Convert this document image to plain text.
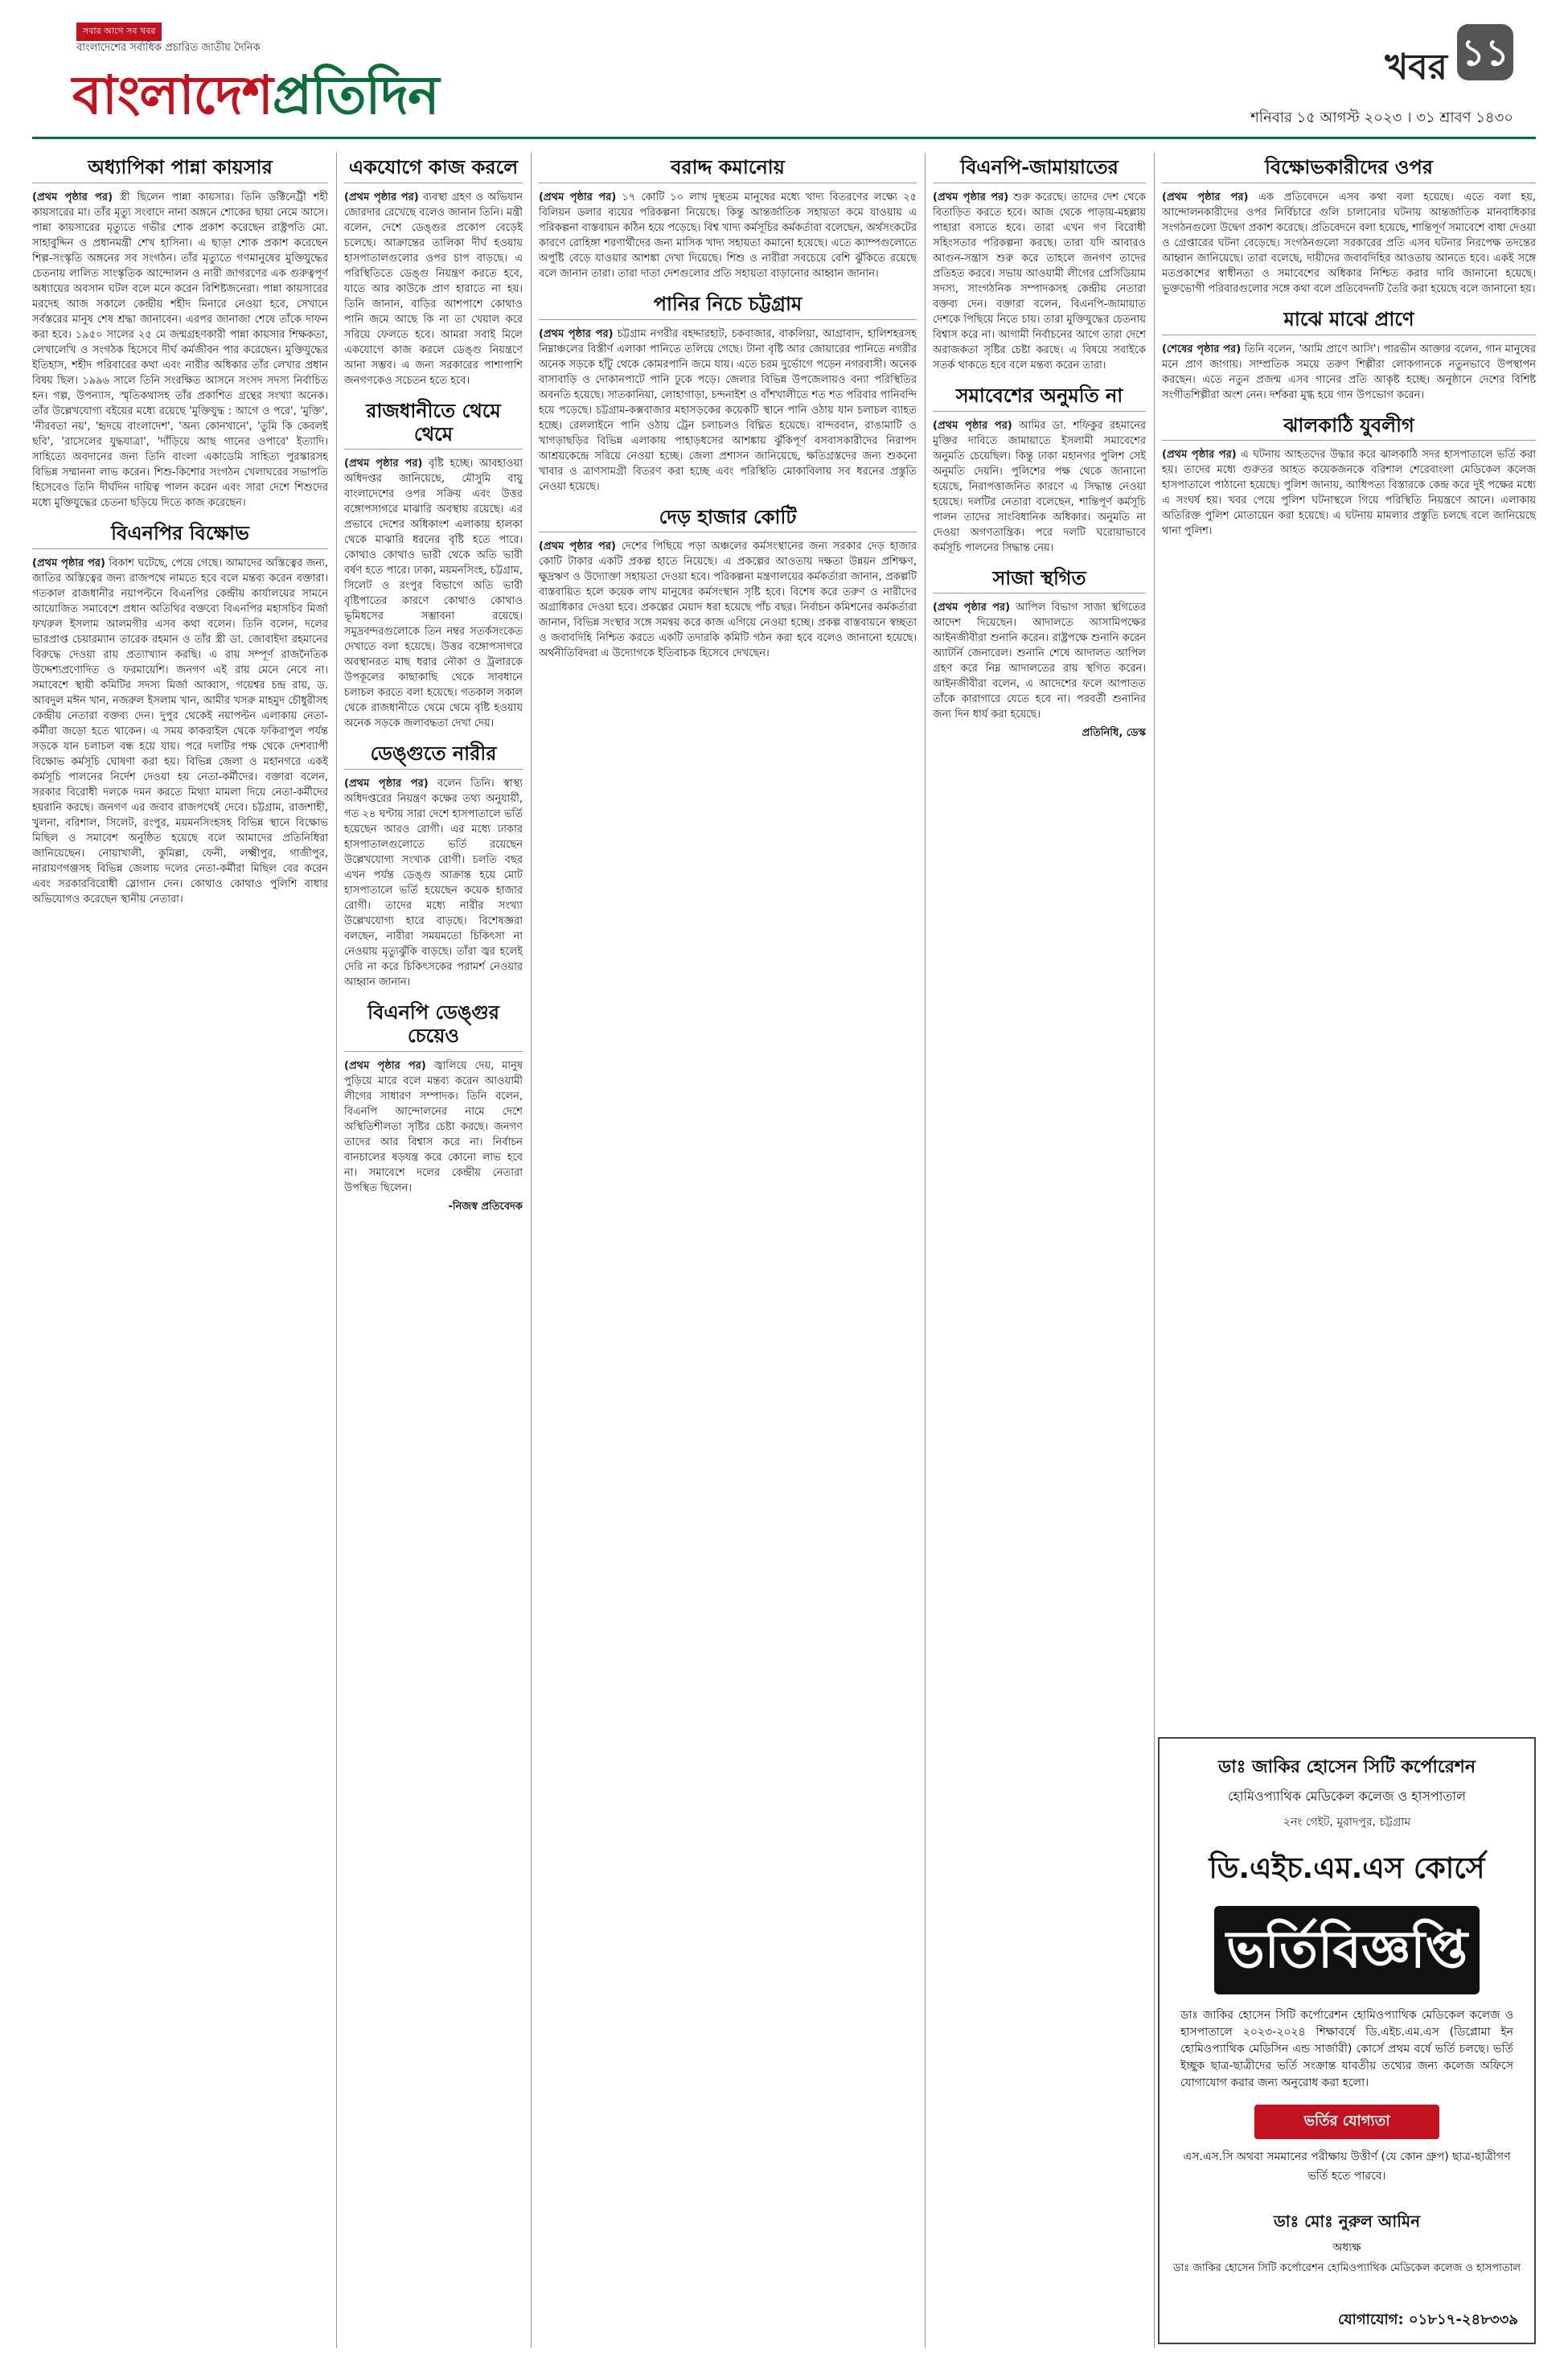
সবার আগে সব খবর
বাংলাদেশের সর্বাধিক প্রচারিত জাতীয় দৈনিক
বাংলাদেশপ্রতিদিন	খবর ১১
শনিবার ১৫ আগস্ট ২০২৩ । ৩১ শ্রাবণ ১৪৩০
অধ্যাপিকা পান্না কায়সার

(প্রথম পৃষ্ঠার পর) স্ত্রী ছিলেন পান্না কায়সার। তিনি ডক্টিনেট্রী শহী কায়সারের মা। তাঁর মৃত্যু সংবাদে নানা অঙ্গনে শোকের ছায়া নেমে আসে। পান্না কায়সারের মৃত্যুতে গভীর শোক প্রকাশ করেছেন রাষ্ট্রপতি মো. সাহাবুদ্দিন ও প্রধানমন্ত্রী শেখ হাসিনা। এ ছাড়া শোক প্রকাশ করেছেন শিল্প-সংস্কৃতি অঙ্গনের সব সংগঠন। তাঁর মৃত্যুতে গণমানুষের মুক্তিযুদ্ধের চেতনায় লালিত সাংস্কৃতিক আন্দোলন ও নারী জাগরণের এক গুরুত্বপূর্ণ অধ্যায়ের অবসান ঘটল বলে মনে করেন বিশিষ্টজনেরা। পান্না কায়সারের মরদেহ আজ সকালে কেন্দ্রীয় শহীদ মিনারে নেওয়া হবে, সেখানে সর্বস্তরের মানুষ শেষ শ্রদ্ধা জানাবেন। এরপর জানাজা শেষে তাঁকে দাফন করা হবে। ১৯৫০ সালের ২৫ মে জন্মগ্রহণকারী পান্না কায়সার শিক্ষকতা, লেখালেখি ও সংগঠক হিসেবে দীর্ঘ কর্মজীবন পার করেছেন। মুক্তিযুদ্ধের ইতিহাস, শহীদ পরিবারের কথা এবং নারীর অধিকার তাঁর লেখার প্রধান বিষয় ছিল। ১৯৯৬ সালে তিনি সংরক্ষিত আসনে সংসদ সদস্য নির্বাচিত হন। গল্প, উপন্যাস, স্মৃতিকথাসহ তাঁর প্রকাশিত গ্রন্থের সংখ্যা অনেক। তাঁর উল্লেখযোগ্য বইয়ের মধ্যে রয়েছে 'মুক্তিযুদ্ধ : আগে ও পরে', 'মুক্তি', 'নীরবতা নয়', 'হৃদয়ে বাংলাদেশ', 'অন্য কোনখানে', 'তুমি কি কেবলই ছবি', 'রাসেলের যুদ্ধযাত্রা', 'দাঁড়িয়ে আছ গানের ওপারে' ইত্যাদি। সাহিত্যে অবদানের জন্য তিনি বাংলা একাডেমি সাহিত্য পুরস্কারসহ বিভিন্ন সম্মাননা লাভ করেন। শিশু-কিশোর সংগঠন খেলাঘরের সভাপতি হিসেবেও তিনি দীর্ঘদিন দায়িত্ব পালন করেন এবং সারা দেশে শিশুদের মধ্যে মুক্তিযুদ্ধের চেতনা ছড়িয়ে দিতে কাজ করেছেন।

বিএনপির বিক্ষোভ

(প্রথম পৃষ্ঠার পর) বিকাশ ঘটেছে, পেয়ে গেছে। আমাদের অস্তিত্বের জন্য, জাতির অস্তিত্বের জন্য রাজপথে নামতে হবে বলে মন্তব্য করেন বক্তারা। গতকাল রাজধানীর নয়াপল্টনে বিএনপির কেন্দ্রীয় কার্যালয়ের সামনে আয়োজিত সমাবেশে প্রধান অতিথির বক্তব্যে বিএনপির মহাসচিব মির্জা ফখরুল ইসলাম আলমগীর এসব কথা বলেন। তিনি বলেন, দলের ভারপ্রাপ্ত চেয়ারম্যান তারেক রহমান ও তাঁর স্ত্রী ডা. জোবাইদা রহমানের বিরুদ্ধে দেওয়া রায় প্রত্যাখ্যান করছি। এ রায় সম্পূর্ণ রাজনৈতিক উদ্দেশ্যপ্রণোদিত ও ফরমায়েশি। জনগণ এই রায় মেনে নেবে না। সমাবেশে স্থায়ী কমিটির সদস্য মির্জা আব্বাস, গয়েশ্বর চন্দ্র রায়, ড. আবদুল মঈন খান, নজরুল ইসলাম খান, আমীর খসরু মাহমুদ চৌধুরীসহ কেন্দ্রীয় নেতারা বক্তব্য দেন। দুপুর থেকেই নয়াপল্টন এলাকায় নেতা-কর্মীরা জড়ো হতে থাকেন। এ সময় কাকরাইল থেকে ফকিরাপুল পর্যন্ত সড়কে যান চলাচল বন্ধ হয়ে যায়। পরে দলটির পক্ষ থেকে দেশব্যাপী বিক্ষোভ কর্মসূচি ঘোষণা করা হয়। বিভিন্ন জেলা ও মহানগরে একই কর্মসূচি পালনের নির্দেশ দেওয়া হয় নেতা-কর্মীদের। বক্তারা বলেন, সরকার বিরোধী দলকে দমন করতে মিথ্যা মামলা দিয়ে নেতা-কর্মীদের হয়রানি করছে। জনগণ এর জবাব রাজপথেই দেবে। চট্টগ্রাম, রাজশাহী, খুলনা, বরিশাল, সিলেট, রংপুর, ময়মনসিংহসহ বিভিন্ন স্থানে বিক্ষোভ মিছিল ও সমাবেশ অনুষ্ঠিত হয়েছে বলে আমাদের প্রতিনিধিরা জানিয়েছেন। নোয়াখালী, কুমিল্লা, ফেনী, লক্ষ্মীপুর, গাজীপুর, নারায়ণগঞ্জসহ বিভিন্ন জেলায় দলের নেতা-কর্মীরা মিছিল বের করেন এবং সরকারবিরোধী স্লোগান দেন। কোথাও কোথাও পুলিশি বাধার অভিযোগও করেছেন স্থানীয় নেতারা।

একযোগে কাজ করলে

(প্রথম পৃষ্ঠার পর) ব্যবস্থা গ্রহণ ও অভিযান জোরদার রেখেছে বলেও জানান তিনি। মন্ত্রী বলেন, দেশে ডেঙ্গুর প্রকোপ বেড়েই চলেছে। আক্রান্তের তালিকা দীর্ঘ হওয়ায় হাসপাতালগুলোর ওপর চাপ বাড়ছে। এ পরিস্থিতিতে ডেঙ্গু নিয়ন্ত্রণ করতে হবে, যাতে আর কাউকে প্রাণ হারাতে না হয়। তিনি জানান, বাড়ির আশপাশে কোথাও পানি জমে আছে কি না তা খেয়াল করে সরিয়ে ফেলতে হবে। আমরা সবাই মিলে একযোগে কাজ করলে ডেঙ্গু নিয়ন্ত্রণে আনা সম্ভব। এ জন্য সরকারের পাশাপাশি জনগণকেও সচেতন হতে হবে।

রাজধানীতে থেমে থেমে

(প্রথম পৃষ্ঠার পর) বৃষ্টি হচ্ছে। আবহাওয়া অধিদপ্তর জানিয়েছে, মৌসুমি বায়ু বাংলাদেশের ওপর সক্রিয় এবং উত্তর বঙ্গোপসাগরে মাঝারি অবস্থায় রয়েছে। এর প্রভাবে দেশের অধিকাংশ এলাকায় হালকা থেকে মাঝারি ধরনের বৃষ্টি হতে পারে। কোথাও কোথাও ভারী থেকে অতি ভারী বর্ষণ হতে পারে। ঢাকা, ময়মনসিংহ, চট্টগ্রাম, সিলেট ও রংপুর বিভাগে অতি ভারী বৃষ্টিপাতের কারণে কোথাও কোথাও ভূমিধসের সম্ভাবনা রয়েছে। সমুদ্রবন্দরগুলোকে তিন নম্বর সতর্কসংকেত দেখাতে বলা হয়েছে। উত্তর বঙ্গোপসাগরে অবস্থানরত মাছ ধরার নৌকা ও ট্রলারকে উপকূলের কাছাকাছি থেকে সাবধানে চলাচল করতে বলা হয়েছে। গতকাল সকাল থেকে রাজধানীতে থেমে থেমে বৃষ্টি হওয়ায় অনেক সড়কে জলাবদ্ধতা দেখা দেয়।

ডেঙ্গুতে নারীর

(প্রথম পৃষ্ঠার পর) বলেন তিনি। স্বাস্থ্য অধিদপ্তরের নিয়ন্ত্রণ কক্ষের তথ্য অনুযায়ী, গত ২৪ ঘণ্টায় সারা দেশে হাসপাতালে ভর্তি হয়েছেন আরও রোগী। এর মধ্যে ঢাকার হাসপাতালগুলোতে ভর্তি রয়েছেন উল্লেখযোগ্য সংখ্যক রোগী। চলতি বছর এখন পর্যন্ত ডেঙ্গু আক্রান্ত হয়ে মোট হাসপাতালে ভর্তি হয়েছেন কয়েক হাজার রোগী। তাদের মধ্যে নারীর সংখ্যা উল্লেখযোগ্য হারে বাড়ছে। বিশেষজ্ঞরা বলছেন, নারীরা সময়মতো চিকিৎসা না নেওয়ায় মৃত্যুঝুঁকি বাড়ছে। তাঁরা জ্বর হলেই দেরি না করে চিকিৎসকের পরামর্শ নেওয়ার আহ্বান জানান।

বিএনপি ডেঙ্গুর চেয়েও

(প্রথম পৃষ্ঠার পর) জ্বালিয়ে দেয়, মানুষ পুড়িয়ে মারে বলে মন্তব্য করেন আওয়ামী লীগের সাধারণ সম্পাদক। তিনি বলেন, বিএনপি আন্দোলনের নামে দেশে অস্থিতিশীলতা সৃষ্টির চেষ্টা করছে। জনগণ তাদের আর বিশ্বাস করে না। নির্বাচন বানচালের ষড়যন্ত্র করে কোনো লাভ হবে না। সমাবেশে দলের কেন্দ্রীয় নেতারা উপস্থিত ছিলেন।

-নিজস্ব প্রতিবেদক

বরাদ্দ কমানোয়

(প্রথম পৃষ্ঠার পর) ১৭ কোটি ১০ লাখ দুস্থতম মানুষের মধ্যে খাদ্য বিতরণের লক্ষ্যে ২৫ বিলিয়ন ডলার ব্যয়ের পরিকল্পনা নিয়েছে। কিন্তু আন্তর্জাতিক সহায়তা কমে যাওয়ায় এ পরিকল্পনা বাস্তবায়ন কঠিন হয়ে পড়েছে। বিশ্ব খাদ্য কর্মসূচির কর্মকর্তারা বলেছেন, অর্থসংকটের কারণে রোহিঙ্গা শরণার্থীদের জন্য মাসিক খাদ্য সহায়তা কমানো হয়েছে। এতে ক্যাম্পগুলোতে অপুষ্টি বেড়ে যাওয়ার আশঙ্কা দেখা দিয়েছে। শিশু ও নারীরা সবচেয়ে বেশি ঝুঁকিতে রয়েছে বলে জানান তারা। তারা দাতা দেশগুলোর প্রতি সহায়তা বাড়ানোর আহ্বান জানান।

পানির নিচে চট্টগ্রাম

(প্রথম পৃষ্ঠার পর) চট্টগ্রাম নগরীর বহদ্দারহাট, চকবাজার, বাকলিয়া, আগ্রাবাদ, হালিশহরসহ নিম্নাঞ্চলের বিস্তীর্ণ এলাকা পানিতে তলিয়ে গেছে। টানা বৃষ্টি আর জোয়ারের পানিতে নগরীর অনেক সড়কে হাঁটু থেকে কোমরপানি জমে যায়। এতে চরম দুর্ভোগে পড়েন নগরবাসী। অনেক বাসাবাড়ি ও দোকানপাটে পানি ঢুকে পড়ে। জেলার বিভিন্ন উপজেলায়ও বন্যা পরিস্থিতির অবনতি হয়েছে। সাতকানিয়া, লোহাগাড়া, চন্দনাইশ ও বাঁশখালীতে শত শত পরিবার পানিবন্দি হয়ে পড়েছে। চট্টগ্রাম-কক্সবাজার মহাসড়কের কয়েকটি স্থানে পানি ওঠায় যান চলাচল ব্যাহত হচ্ছে। রেললাইনে পানি ওঠায় ট্রেন চলাচলও বিঘ্নিত হয়েছে। বান্দরবান, রাঙামাটি ও খাগড়াছড়ির বিভিন্ন এলাকায় পাহাড়ধসের আশঙ্কায় ঝুঁকিপূর্ণ বসবাসকারীদের নিরাপদ আশ্রয়কেন্দ্রে সরিয়ে নেওয়া হচ্ছে। জেলা প্রশাসন জানিয়েছে, ক্ষতিগ্রস্তদের জন্য শুকনো খাবার ও ত্রাণসামগ্রী বিতরণ করা হচ্ছে এবং পরিস্থিতি মোকাবিলায় সব ধরনের প্রস্তুতি নেওয়া হয়েছে।

দেড় হাজার কোটি

(প্রথম পৃষ্ঠার পর) দেশের পিছিয়ে পড়া অঞ্চলের কর্মসংস্থানের জন্য সরকার দেড় হাজার কোটি টাকার একটি প্রকল্প হাতে নিয়েছে। এ প্রকল্পের আওতায় দক্ষতা উন্নয়ন প্রশিক্ষণ, ক্ষুদ্রঋণ ও উদ্যোক্তা সহায়তা দেওয়া হবে। পরিকল্পনা মন্ত্রণালয়ের কর্মকর্তারা জানান, প্রকল্পটি বাস্তবায়িত হলে কয়েক লাখ মানুষের কর্মসংস্থান সৃষ্টি হবে। বিশেষ করে তরুণ ও নারীদের অগ্রাধিকার দেওয়া হবে। প্রকল্পের মেয়াদ ধরা হয়েছে পাঁচ বছর। নির্বাচন কমিশনের কর্মকর্তারা জানান, বিভিন্ন সংস্থার সঙ্গে সমন্বয় করে কাজ এগিয়ে নেওয়া হচ্ছে। প্রকল্প বাস্তবায়নে স্বচ্ছতা ও জবাবদিহি নিশ্চিত করতে একটি তদারকি কমিটি গঠন করা হবে বলেও জানানো হয়েছে। অর্থনীতিবিদরা এ উদ্যোগকে ইতিবাচক হিসেবে দেখছেন।

বিএনপি-জামায়াতের

(প্রথম পৃষ্ঠার পর) শুরু করেছে। তাদের দেশ থেকে বিতাড়িত করতে হবে। আজ থেকে পাড়ায়-মহল্লায় পাহারা বসাতে হবে। তারা এখন গণ বিরোধী সহিংসতার পরিকল্পনা করছে। তারা যদি আবারও আগুন-সন্ত্রাস শুরু করে তাহলে জনগণ তাদের প্রতিহত করবে। সভায় আওয়ামী লীগের প্রেসিডিয়াম সদস্য, সাংগঠনিক সম্পাদকসহ কেন্দ্রীয় নেতারা বক্তব্য দেন। বক্তারা বলেন, বিএনপি-জামায়াত দেশকে পিছিয়ে নিতে চায়। তারা মুক্তিযুদ্ধের চেতনায় বিশ্বাস করে না। আগামী নির্বাচনের আগে তারা দেশে অরাজকতা সৃষ্টির চেষ্টা করছে। এ বিষয়ে সবাইকে সতর্ক থাকতে হবে বলে মন্তব্য করেন তারা।

সমাবেশের অনুমতি না

(প্রথম পৃষ্ঠার পর) আমির ডা. শফিকুর রহমানের মুক্তির দাবিতে জামায়াতে ইসলামী সমাবেশের অনুমতি চেয়েছিল। কিন্তু ঢাকা মহানগর পুলিশ সেই অনুমতি দেয়নি। পুলিশের পক্ষ থেকে জানানো হয়েছে, নিরাপত্তাজনিত কারণে এ সিদ্ধান্ত নেওয়া হয়েছে। দলটির নেতারা বলেছেন, শান্তিপূর্ণ কর্মসূচি পালন তাদের সাংবিধানিক অধিকার। অনুমতি না দেওয়া অগণতান্ত্রিক। পরে দলটি ঘরোয়াভাবে কর্মসূচি পালনের সিদ্ধান্ত নেয়।

সাজা স্থগিত

(প্রথম পৃষ্ঠার পর) আপিল বিভাগ সাজা স্থগিতের আদেশ দিয়েছেন। আদালতে আসামিপক্ষের আইনজীবীরা শুনানি করেন। রাষ্ট্রপক্ষে শুনানি করেন অ্যাটর্নি জেনারেল। শুনানি শেষে আদালত আপিল গ্রহণ করে নিম্ন আদালতের রায় স্থগিত করেন। আইনজীবীরা বলেন, এ আদেশের ফলে আপাতত তাঁকে কারাগারে যেতে হবে না। পরবর্তী শুনানির জন্য দিন ধার্য করা হয়েছে।

প্রতিনিধি, ডেস্ক

বিক্ষোভকারীদের ওপর

(প্রথম পৃষ্ঠার পর) এক প্রতিবেদনে এসব কথা বলা হয়েছে। এতে বলা হয়, আন্দোলনকারীদের ওপর নির্বিচারে গুলি চালানোর ঘটনায় আন্তর্জাতিক মানবাধিকার সংগঠনগুলো উদ্বেগ প্রকাশ করেছে। প্রতিবেদনে বলা হয়েছে, শান্তিপূর্ণ সমাবেশে বাধা দেওয়া ও গ্রেপ্তারের ঘটনা বেড়েছে। সংগঠনগুলো সরকারের প্রতি এসব ঘটনার নিরপেক্ষ তদন্তের আহ্বান জানিয়েছে। তারা বলেছে, দায়ীদের জবাবদিহির আওতায় আনতে হবে। একই সঙ্গে মতপ্রকাশের স্বাধীনতা ও সমাবেশের অধিকার নিশ্চিত করার দাবি জানানো হয়েছে। ভুক্তভোগী পরিবারগুলোর সঙ্গে কথা বলে প্রতিবেদনটি তৈরি করা হয়েছে বলে জানানো হয়।

মাঝে মাঝে প্রাণে

(শেষের পৃষ্ঠার পর) তিনি বলেন, 'আমি প্রাণে আসি'। পারভীন আক্তার বলেন, গান মানুষের মনে প্রাণ জাগায়। সাম্প্রতিক সময়ে তরুণ শিল্পীরা লোকগানকে নতুনভাবে উপস্থাপন করছেন। এতে নতুন প্রজন্ম এসব গানের প্রতি আকৃষ্ট হচ্ছে। অনুষ্ঠানে দেশের বিশিষ্ট সংগীতশিল্পীরা অংশ নেন। দর্শকরা মুগ্ধ হয়ে গান উপভোগ করেন।

ঝালকাঠি যুবলীগ

(প্রথম পৃষ্ঠার পর) এ ঘটনায় আহতদের উদ্ধার করে ঝালকাঠি সদর হাসপাতালে ভর্তি করা হয়। তাদের মধ্যে গুরুতর আহত কয়েকজনকে বরিশাল শেরেবাংলা মেডিকেল কলেজ হাসপাতালে পাঠানো হয়েছে। পুলিশ জানায়, আধিপত্য বিস্তারকে কেন্দ্র করে দুই পক্ষের মধ্যে এ সংঘর্ষ হয়। খবর পেয়ে পুলিশ ঘটনাস্থলে গিয়ে পরিস্থিতি নিয়ন্ত্রণে আনে। এলাকায় অতিরিক্ত পুলিশ মোতায়েন করা হয়েছে। এ ঘটনায় মামলার প্রস্তুতি চলছে বলে জানিয়েছে থানা পুলিশ।

ডাঃ জাকির হোসেন সিটি কর্পোরেশন
হোমিওপ্যাথিক মেডিকেল কলেজ ও হাসপাতাল
২নং গেইট, মুরাদপুর, চট্টগ্রাম
ডি.এইচ.এম.এস কোর্সে
ভর্তিবিজ্ঞপ্তি
ডাঃ জাকির হোসেন সিটি কর্পোরেশন হোমিওপ্যাথিক মেডিকেল কলেজ ও হাসপাতালে ২০২৩-২০২৪ শিক্ষাবর্ষে ডি.এইচ.এম.এস (ডিপ্লোমা ইন হোমিওপ্যাথিক মেডিসিন এন্ড সার্জারী) কোর্সে প্রথম বর্ষে ভর্তি চলছে। ভর্তি ইচ্ছুক ছাত্র-ছাত্রীদের ভর্তি সংক্রান্ত যাবতীয় তথ্যের জন্য কলেজ অফিসে যোগাযোগ করার জন্য অনুরোধ করা হলো।
ভর্তির যোগ্যতা
এস.এস.সি অথবা সমমানের পরীক্ষায় উত্তীর্ণ (যে কোন গ্রুপ) ছাত্র-ছাত্রীগণ ভর্তি হতে পারবে।
ডাঃ মোঃ নুরুল আমিন
অধ্যক্ষ
ডাঃ জাকির হোসেন সিটি কর্পোরেশন হোমিওপ্যাথিক মেডিকেল কলেজ ও হাসপাতাল
যোগাযোগ: ০১৮১৭-২৪৮৩৩৯
